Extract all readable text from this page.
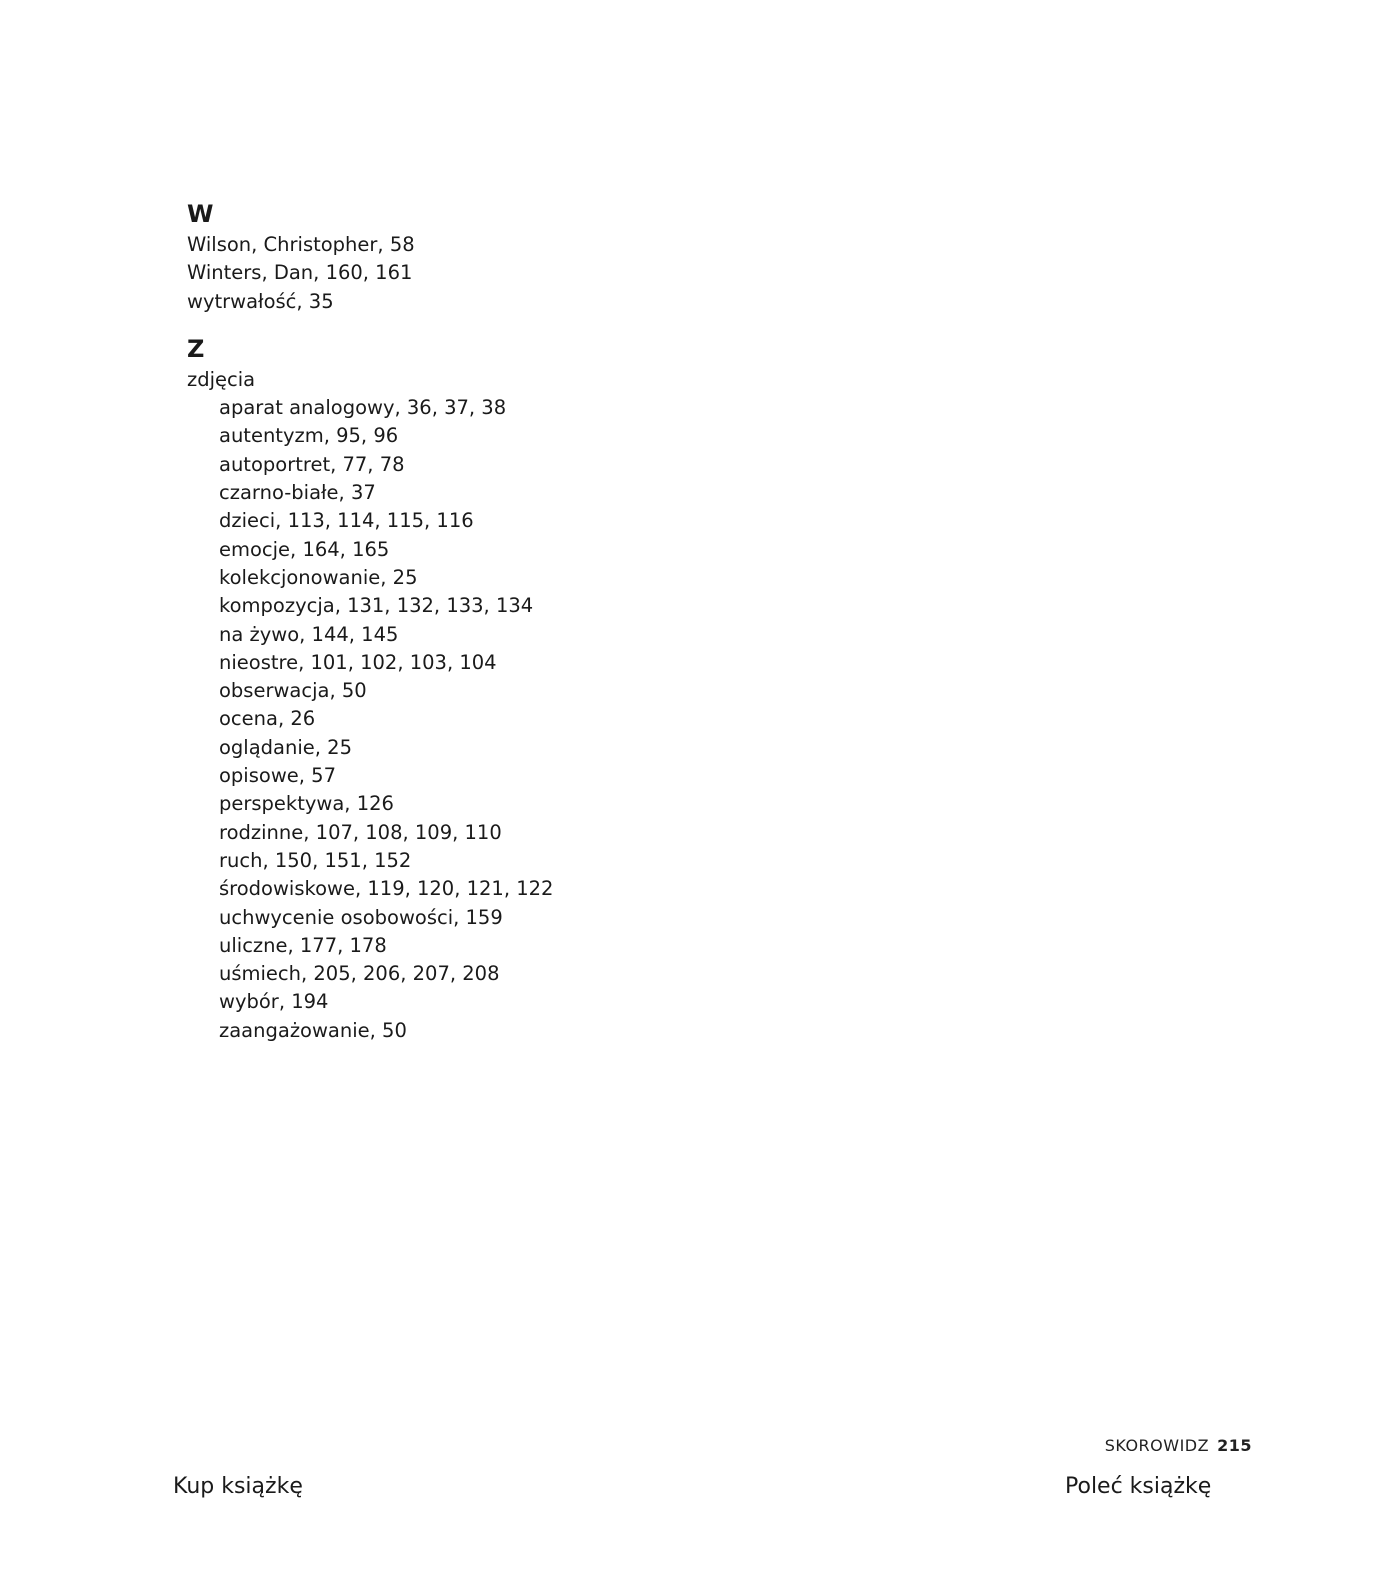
W

Wilson, Christopher, 58

Winters, Dan, 160, 161

wytrwałość, 35

Z

zdjęcia

aparat analogowy, 36, 37, 38

autentyzm, 95, 96

autoportret, 77, 78

czarno-białe, 37

dzieci, 113, 114, 115, 116

emocje, 164, 165

kolekcjonowanie, 25

kompozycja, 131, 132, 133, 134

na żywo, 144, 145

nieostre, 101, 102, 103, 104

obserwacja, 50

ocena, 26

oglądanie, 25

opisowe, 57

perspektywa, 126

rodzinne, 107, 108, 109, 110

ruch, 150, 151, 152

środowiskowe, 119, 120, 121, 122

uchwycenie osobowości, 159

uliczne, 177, 178

uśmiech, 205, 206, 207, 208

wybór, 194

zaangażowanie, 50

SKOROWIDZ 215
Kup książkę	Poleć książkę
